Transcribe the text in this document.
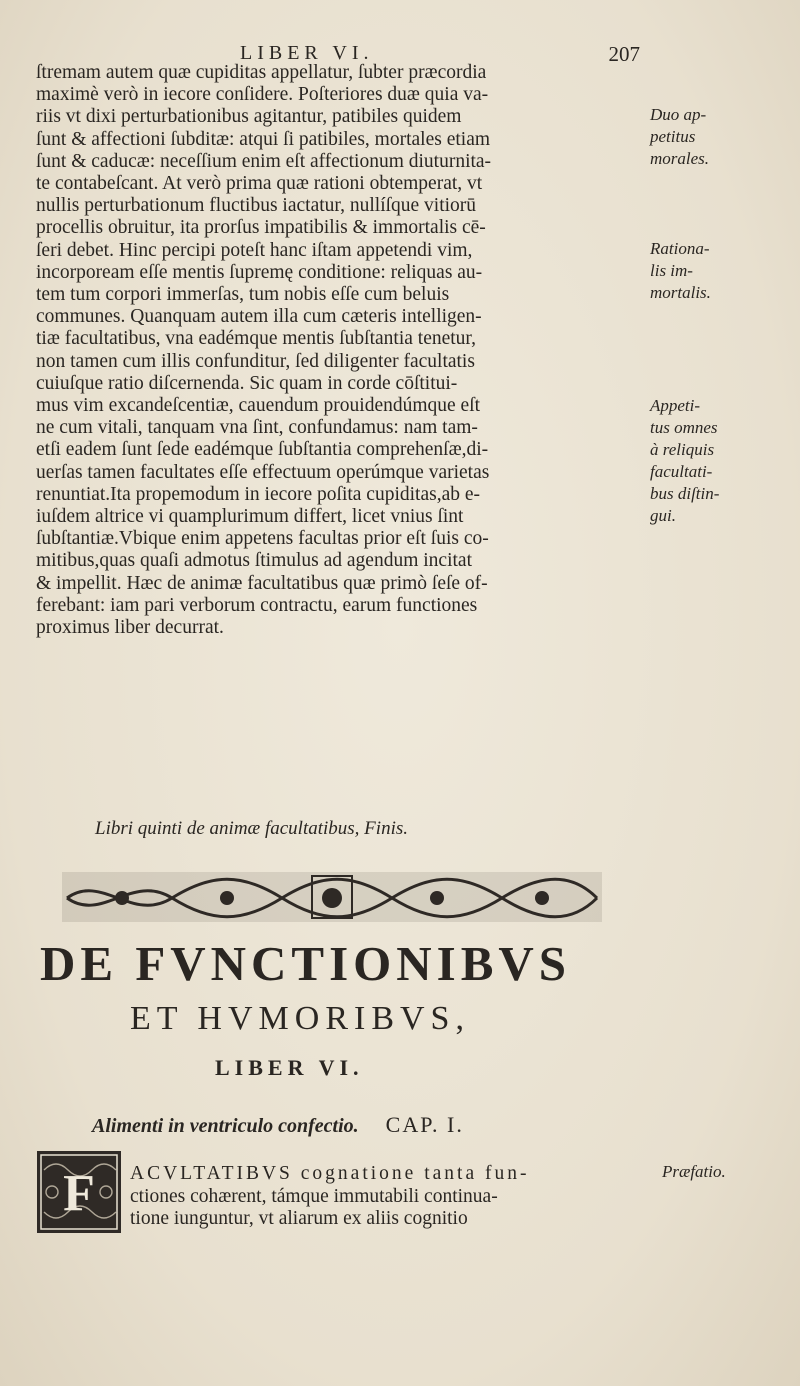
LIBER VI.	207
ſtremam autem quæ cupiditas appellatur, ſubter præcordia
maximè verò in iecore conſidere. Poſteriores duæ quia va-
riis vt dixi perturbationibus agitantur, patibiles quidem
ſunt & affectioni ſubditæ: atqui ſi patibiles, mortales etiam
ſunt & caducæ: neceſſium enim eſt affectionum diuturnita-
te contabeſcant. At verò prima quæ rationi obtemperat, vt
nullis perturbationum fluctibus iactatur, nullíſque vitiorū
procellis obruitur, ita prorſus impatibilis & immortalis cē-
ſeri debet. Hinc percipi poteſt hanc iſtam appetendi vim,
incorpoream eſſe mentis ſupremę conditione: reliquas au-
tem tum corpori immerſas, tum nobis eſſe cum beluis
communes. Quanquam autem illa cum cæteris intelligen-
tiæ facultatibus, vna eadémque mentis ſubſtantia tenetur,
non tamen cum illis confunditur, ſed diligenter facultatis
cuiuſque ratio diſcernenda. Sic quam in corde cōſtitui-
mus vim excandeſcentiæ, cauendum prouidendúmque eſt
ne cum vitali, tanquam vna ſint, confundamus: nam tam-
etſi eadem ſunt ſede eadémque ſubſtantia comprehenſæ,di-
uerſas tamen facultates eſſe effectuum operúmque varietas
renuntiat.Ita propemodum in iecore poſita cupiditas,ab e-
iuſdem altrice vi quamplurimum differt, licet vnius ſint
ſubſtantiæ.Vbique enim appetens facultas prior eſt ſuis co-
mitibus,quas quaſi admotus ſtimulus ad agendum incitat
& impellit. Hæc de animæ facultatibus quæ primò ſeſe of-
ferebant: iam pari verborum contractu, earum functiones
proximus liber decurrat.
Duo ap-
petitus
morales.
Rationa-
lis im-
mortalis.
Appeti-
tus omnes
à reliquis
facultati-
bus diſtin-
gui.
Libri quinti de animæ facultatibus, Finis.
DE FVNCTIONIBVS
ET HVMORIBVS,
LIBER VI.
Alimenti in ventriculo confectio. CAP. I.
F ACVLTATIBVS cognatione tanta fun-
ctiones cohærent, támque immutabili continua-
tione iunguntur, vt aliarum ex aliis cognitio
Præfatio.
